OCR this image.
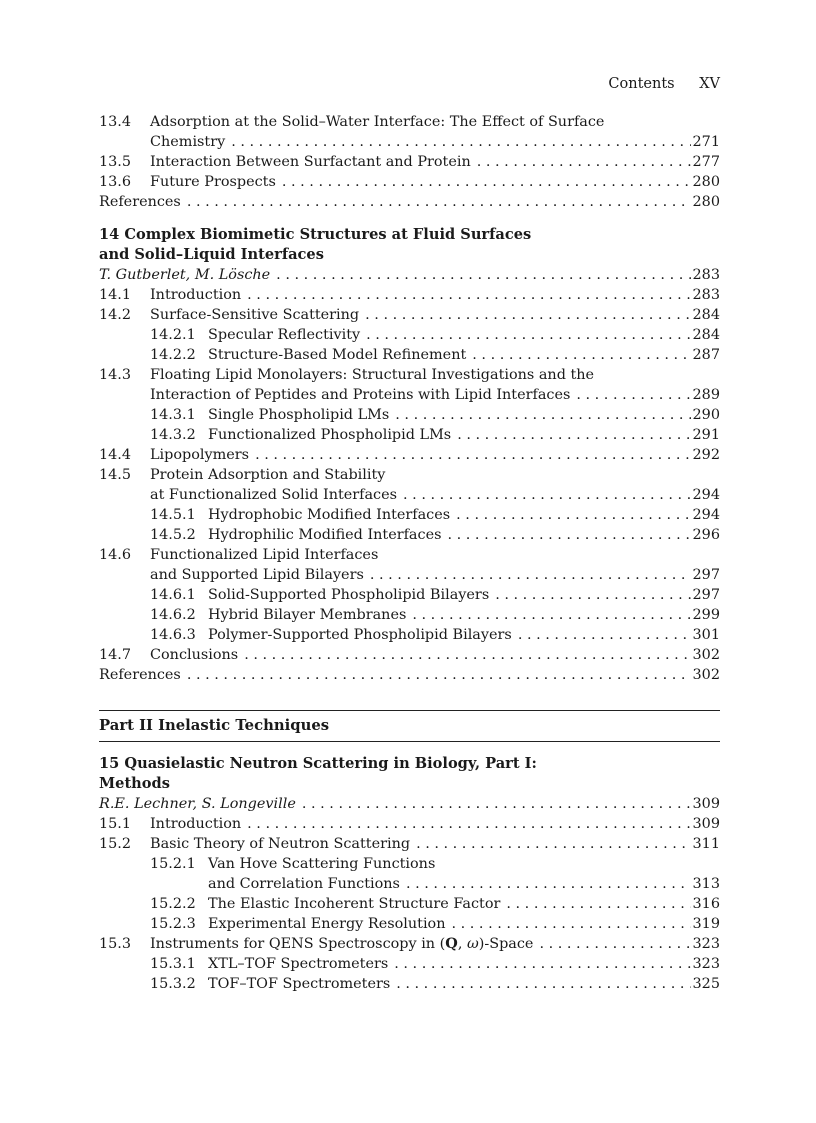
Contents XV
13.4 Adsorption at the Solid–Water Interface: The Effect of Surface
Chemistry . . .	271
13.5 Interaction Between Surfactant and Protein . . .	277
13.6 Future Prospects . . .	280
References . . .	280
14 Complex Biomimetic Structures at Fluid Surfaces
and Solid–Liquid Interfaces
T. Gutberlet, M. Lösche . . .	283
14.1 Introduction . . .	283
14.2 Surface-Sensitive Scattering . . .	284
14.2.1 Specular Reflectivity . . .	284
14.2.2 Structure-Based Model Refinement . . .	287
14.3 Floating Lipid Monolayers: Structural Investigations and the
Interaction of Peptides and Proteins with Lipid Interfaces . . .	289
14.3.1 Single Phospholipid LMs . . .	290
14.3.2 Functionalized Phospholipid LMs . . .	291
14.4 Lipopolymers . . .	292
14.5 Protein Adsorption and Stability
at Functionalized Solid Interfaces . . .	294
14.5.1 Hydrophobic Modified Interfaces . . .	294
14.5.2 Hydrophilic Modified Interfaces . . .	296
14.6 Functionalized Lipid Interfaces
and Supported Lipid Bilayers . . .	297
14.6.1 Solid-Supported Phospholipid Bilayers . . .	297
14.6.2 Hybrid Bilayer Membranes . . .	299
14.6.3 Polymer-Supported Phospholipid Bilayers . . .	301
14.7 Conclusions . . .	302
References . . .	302
Part II Inelastic Techniques
15 Quasielastic Neutron Scattering in Biology, Part I:
Methods
R.E. Lechner, S. Longeville . . .	309
15.1 Introduction . . .	309
15.2 Basic Theory of Neutron Scattering . . .	311
15.2.1 Van Hove Scattering Functions
and Correlation Functions . . .	313
15.2.2 The Elastic Incoherent Structure Factor . . .	316
15.2.3 Experimental Energy Resolution . . .	319
15.3 Instruments for QENS Spectroscopy in (Q, ω)-Space . . .	323
15.3.1 XTL–TOF Spectrometers . . .	323
15.3.2 TOF–TOF Spectrometers . . .	325
